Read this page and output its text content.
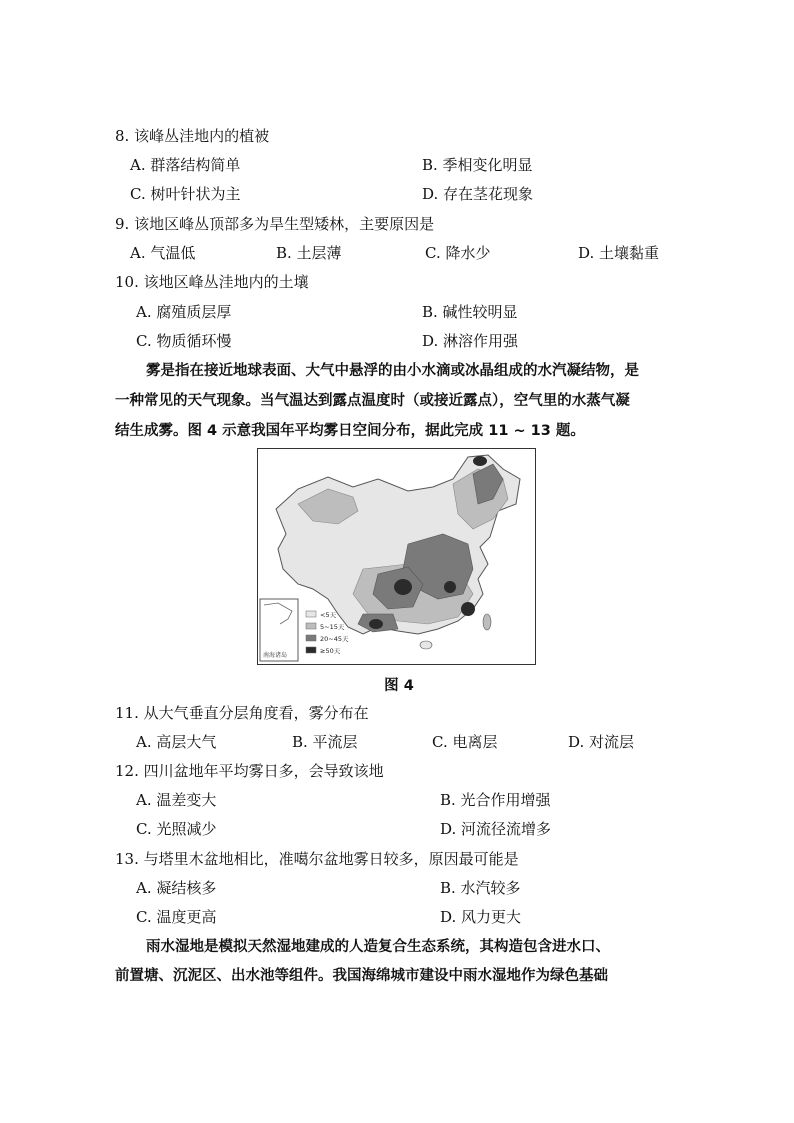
8. 该峰丛洼地内的植被
A. 群落结构简单	B. 季相变化明显
C. 树叶针状为主	D. 存在茎花现象
9. 该地区峰丛顶部多为旱生型矮林，主要原因是
A. 气温低	B. 土层薄	C. 降水少	D. 土壤黏重
10. 该地区峰丛洼地内的土壤
A. 腐殖质层厚	B. 碱性较明显
C. 物质循环慢	D. 淋溶作用强
雾是指在接近地球表面、大气中悬浮的由小水滴或冰晶组成的水汽凝结物，是
一种常见的天气现象。当气温达到露点温度时（或接近露点），空气里的水蒸气凝
结生成雾。图 4 示意我国年平均雾日空间分布，据此完成 11 ~ 13 题。
南海诸岛
<5天
5~15天
20~45天
≥50天
图 4
11. 从大气垂直分层角度看，雾分布在
A. 高层大气	B. 平流层	C. 电离层	D. 对流层
12. 四川盆地年平均雾日多，会导致该地
A. 温差变大	B. 光合作用增强
C. 光照减少	D. 河流径流增多
13. 与塔里木盆地相比，准噶尔盆地雾日较多，原因最可能是
A. 凝结核多	B. 水汽较多
C. 温度更高	D. 风力更大
雨水湿地是模拟天然湿地建成的人造复合生态系统，其构造包含进水口、
前置塘、沉泥区、出水池等组件。我国海绵城市建设中雨水湿地作为绿色基础
